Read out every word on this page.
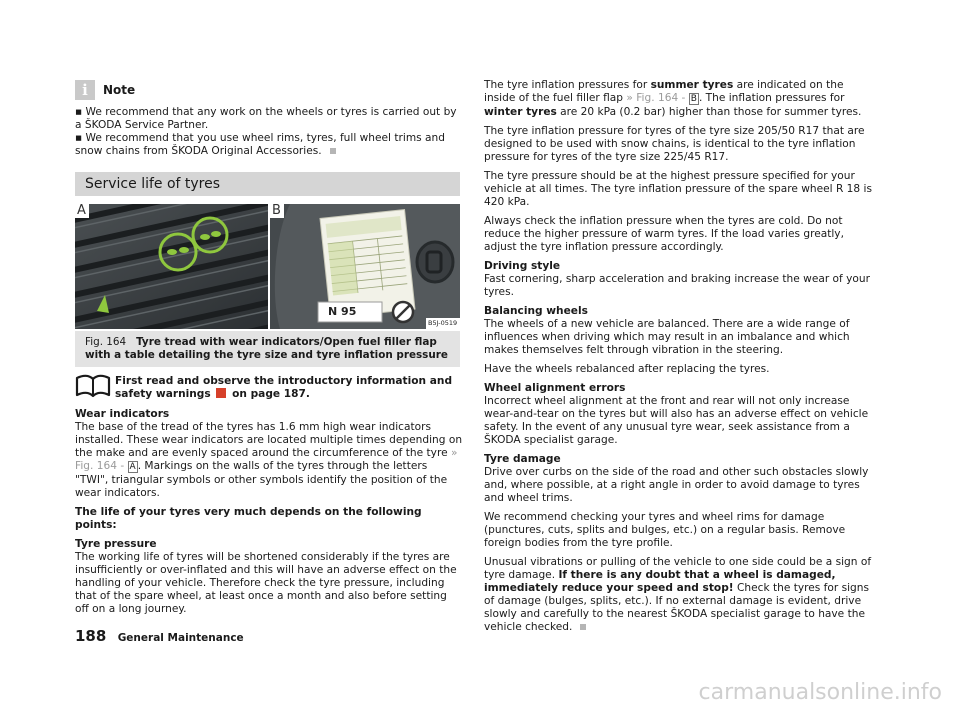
i	Note

▪ We recommend that any work on the wheels or tyres is carried out by a ŠKODA Service Partner.

▪ We recommend that you use wheel rims, tyres, full wheel trims and snow chains from ŠKODA Original Accessories.

Service life of tyres
A	B
N 95
B5J-0519
Fig. 164 Tyre tread with wear indicators/Open fuel filler flap with a table detailing the tyre size and tyre inflation pressure
First read and observe the introductory information and safety warnings on page 187.

Wear indicators
The base of the tread of the tyres has 1.6 mm high wear indicators installed. These wear indicators are located multiple times depending on the make and are evenly spaced around the circumference of the tyre » Fig. 164 - A . Markings on the walls of the tyres through the letters "TWI", triangular symbols or other symbols identify the position of the wear indicators.

The life of your tyres very much depends on the following points:

Tyre pressure
The working life of tyres will be shortened considerably if the tyres are insufficiently or over-inflated and this will have an adverse effect on the handling of your vehicle. Therefore check the tyre pressure, including that of the spare wheel, at least once a month and also before setting off on a long journey.

The tyre inflation pressures for summer tyres are indicated on the inside of the fuel filler flap » Fig. 164 - B . The inflation pressures for winter tyres are 20 kPa (0.2 bar) higher than those for summer tyres.

The tyre inflation pressure for tyres of the tyre size 205/50 R17 that are designed to be used with snow chains, is identical to the tyre inflation pressure for tyres of the tyre size 225/45 R17.

The tyre pressure should be at the highest pressure specified for your vehicle at all times. The tyre inflation pressure of the spare wheel R 18 is 420 kPa.

Always check the inflation pressure when the tyres are cold. Do not reduce the higher pressure of warm tyres. If the load varies greatly, adjust the tyre inflation pressure accordingly.

Driving style
Fast cornering, sharp acceleration and braking increase the wear of your tyres.

Balancing wheels
The wheels of a new vehicle are balanced. There are a wide range of influences when driving which may result in an imbalance and which makes themselves felt through vibration in the steering.

Have the wheels rebalanced after replacing the tyres.

Wheel alignment errors
Incorrect wheel alignment at the front and rear will not only increase wear-and-tear on the tyres but will also has an adverse effect on vehicle safety. In the event of any unusual tyre wear, seek assistance from a ŠKODA specialist garage.

Tyre damage
Drive over curbs on the side of the road and other such obstacles slowly and, where possible, at a right angle in order to avoid damage to tyres and wheel trims.

We recommend checking your tyres and wheel rims for damage (punctures, cuts, splits and bulges, etc.) on a regular basis. Remove foreign bodies from the tyre profile.

Unusual vibrations or pulling of the vehicle to one side could be a sign of tyre damage. If there is any doubt that a wheel is damaged, immediately reduce your speed and stop! Check the tyres for signs of damage (bulges, splits, etc.). If no external damage is evident, drive slowly and carefully to the nearest ŠKODA specialist garage to have the vehicle checked.

188 General Maintenance
carmanualsonline.info
